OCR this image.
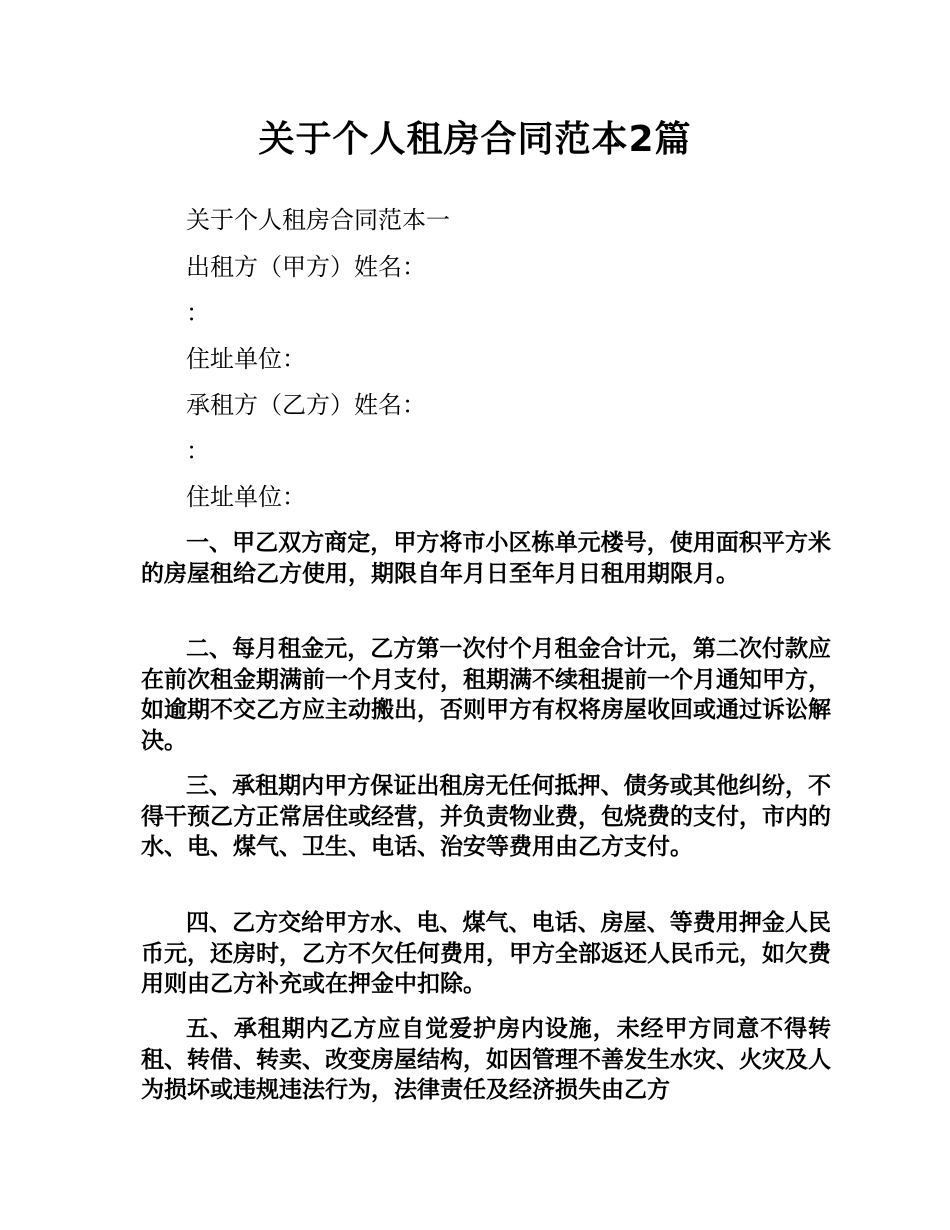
关于个人租房合同范本2篇

关于个人租房合同范本一

出租方（甲方）姓名：

：

住址单位：

承租方（乙方）姓名：

：

住址单位：

一、甲乙双方商定，甲方将市小区栋单元楼号，使用面积平方米的房屋租给乙方使用，期限自年月日至年月日租用期限月。

二、每月租金元，乙方第一次付个月租金合计元，第二次付款应在前次租金期满前一个月支付，租期满不续租提前一个月通知甲方，如逾期不交乙方应主动搬出，否则甲方有权将房屋收回或通过诉讼解决。

三、承租期内甲方保证出租房无任何抵押、债务或其他纠纷，不得干预乙方正常居住或经营，并负责物业费，包烧费的支付，市内的水、电、煤气、卫生、电话、治安等费用由乙方支付。

四、乙方交给甲方水、电、煤气、电话、房屋、等费用押金人民币元，还房时，乙方不欠任何费用，甲方全部返还人民币元，如欠费用则由乙方补充或在押金中扣除。

五、承租期内乙方应自觉爱护房内设施，未经甲方同意不得转租、转借、转卖、改变房屋结构，如因管理不善发生水灾、火灾及人为损坏或违规违法行为，法律责任及经济损失由乙方
